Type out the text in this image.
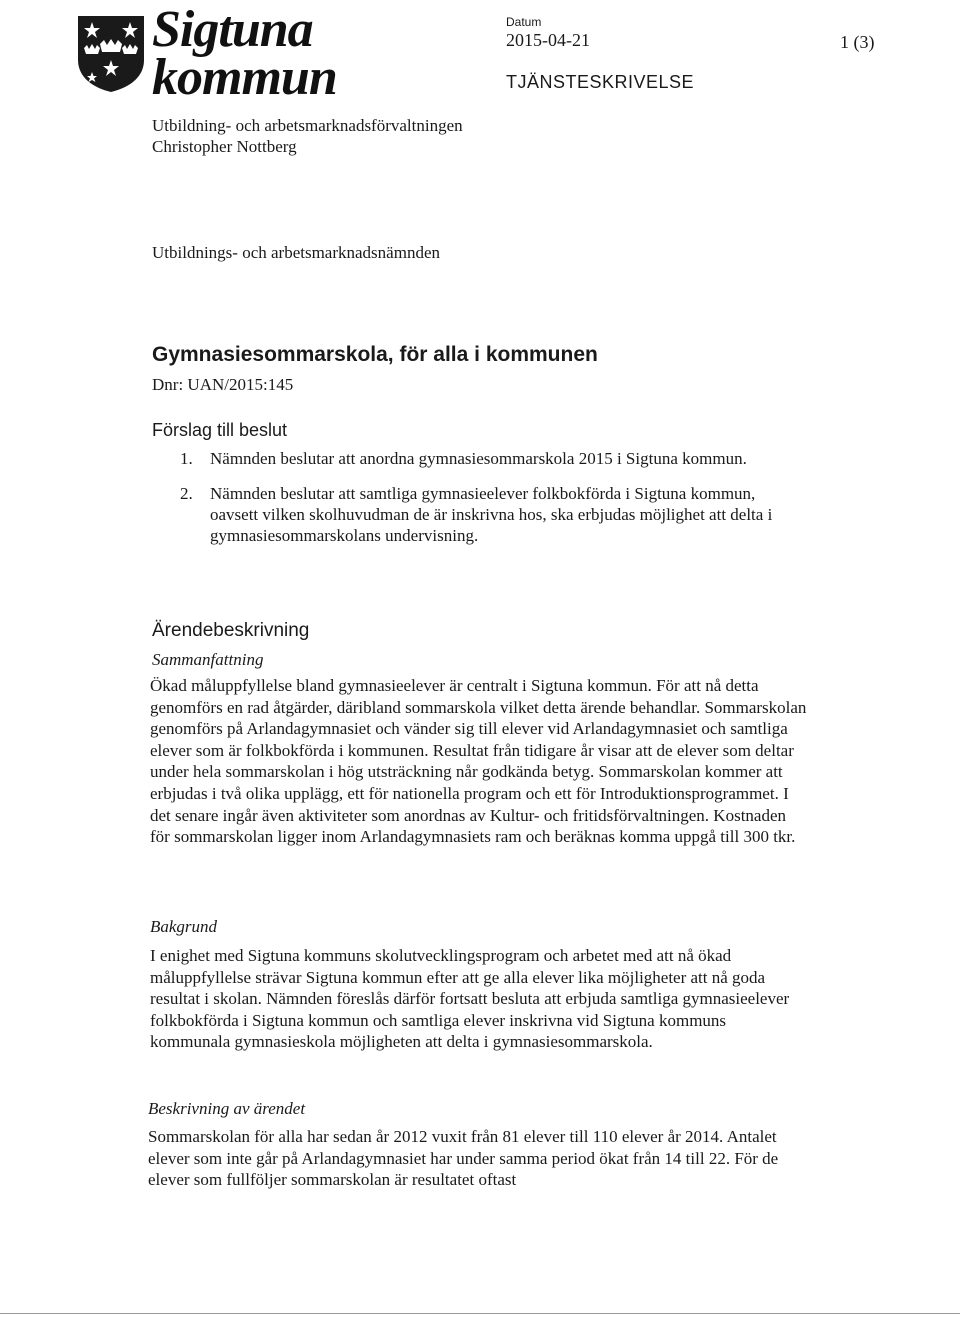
Sigtuna
kommun
Datum
2015-04-21	1 (3)
TJÄNSTESKRIVELSE
Utbildning- och arbetsmarknadsförvaltningen
Christopher Nottberg
Utbildnings- och arbetsmarknadsnämnden
Gymnasiesommarskola, för alla i kommunen
Dnr: UAN/2015:145
Förslag till beslut
1.	Nämnden beslutar att anordna gymnasiesommarskola 2015 i Sigtuna kommun.
2.	Nämnden beslutar att samtliga gymnasieelever folkbokförda i Sigtuna kommun, oavsett vilken skolhuvudman de är inskrivna hos, ska erbjudas möjlighet att delta i gymnasiesommarskolans undervisning.
Ärendebeskrivning
Sammanfattning
Ökad måluppfyllelse bland gymnasieelever är centralt i Sigtuna kommun. För att nå detta genomförs en rad åtgärder, däribland sommarskola vilket detta ärende behandlar. Sommarskolan genomförs på Arlandagymnasiet och vänder sig till elever vid Arlandagymnasiet och samtliga elever som är folkbokförda i kommunen. Resultat från tidigare år visar att de elever som deltar under hela sommarskolan i hög utsträckning når godkända betyg. Sommarskolan kommer att erbjudas i två olika upplägg, ett för nationella program och ett för Introduktionsprogrammet. I det senare ingår även aktiviteter som anordnas av Kultur- och fritidsförvaltningen. Kostnaden för sommarskolan ligger inom Arlandagymnasiets ram och beräknas komma uppgå till 300 tkr.
Bakgrund
I enighet med Sigtuna kommuns skolutvecklingsprogram och arbetet med att nå ökad måluppfyllelse strävar Sigtuna kommun efter att ge alla elever lika möjligheter att nå goda resultat i skolan. Nämnden föreslås därför fortsatt besluta att erbjuda samtliga gymnasieelever folkbokförda i Sigtuna kommun och samtliga elever inskrivna vid Sigtuna kommuns kommunala gymnasieskola möjligheten att delta i gymnasiesommarskola.
Beskrivning av ärendet
Sommarskolan för alla har sedan år 2012 vuxit från 81 elever till 110 elever år 2014. Antalet elever som inte går på Arlandagymnasiet har under samma period ökat från 14 till 22. För de elever som fullföljer sommarskolan är resultatet oftast
